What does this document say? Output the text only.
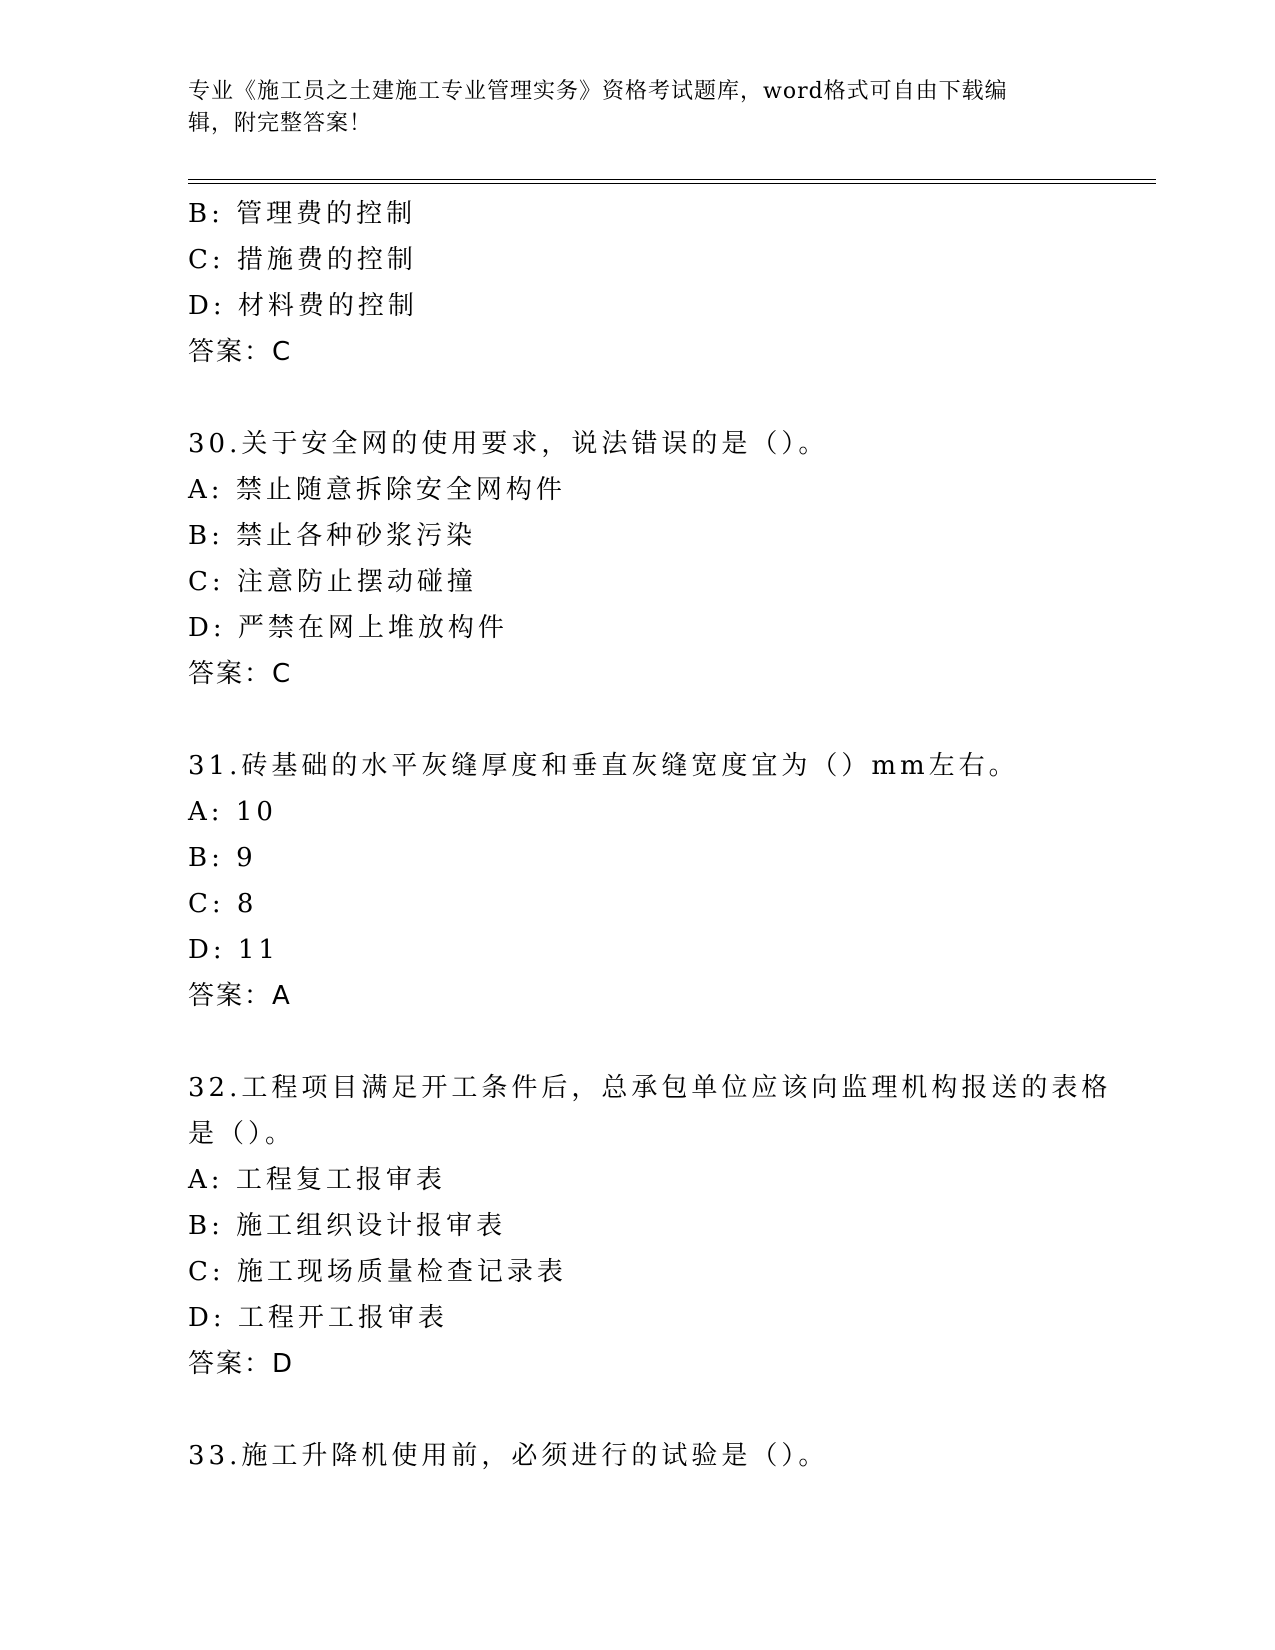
专业《施工员之土建施工专业管理实务》资格考试题库，word格式可自由下载编
辑，附完整答案！
B: 管理费的控制
C: 措施费的控制
D: 材料费的控制
答案：C
30.关于安全网的使用要求，说法错误的是（）。
A: 禁止随意拆除安全网构件
B: 禁止各种砂浆污染
C: 注意防止摆动碰撞
D: 严禁在网上堆放构件
答案：C
31.砖基础的水平灰缝厚度和垂直灰缝宽度宜为（）mm左右。
A: 10
B: 9
C: 8
D: 11
答案：A
32.工程项目满足开工条件后，总承包单位应该向监理机构报送的表格
是（）。
A: 工程复工报审表
B: 施工组织设计报审表
C: 施工现场质量检查记录表
D: 工程开工报审表
答案：D
33.施工升降机使用前，必须进行的试验是（）。
